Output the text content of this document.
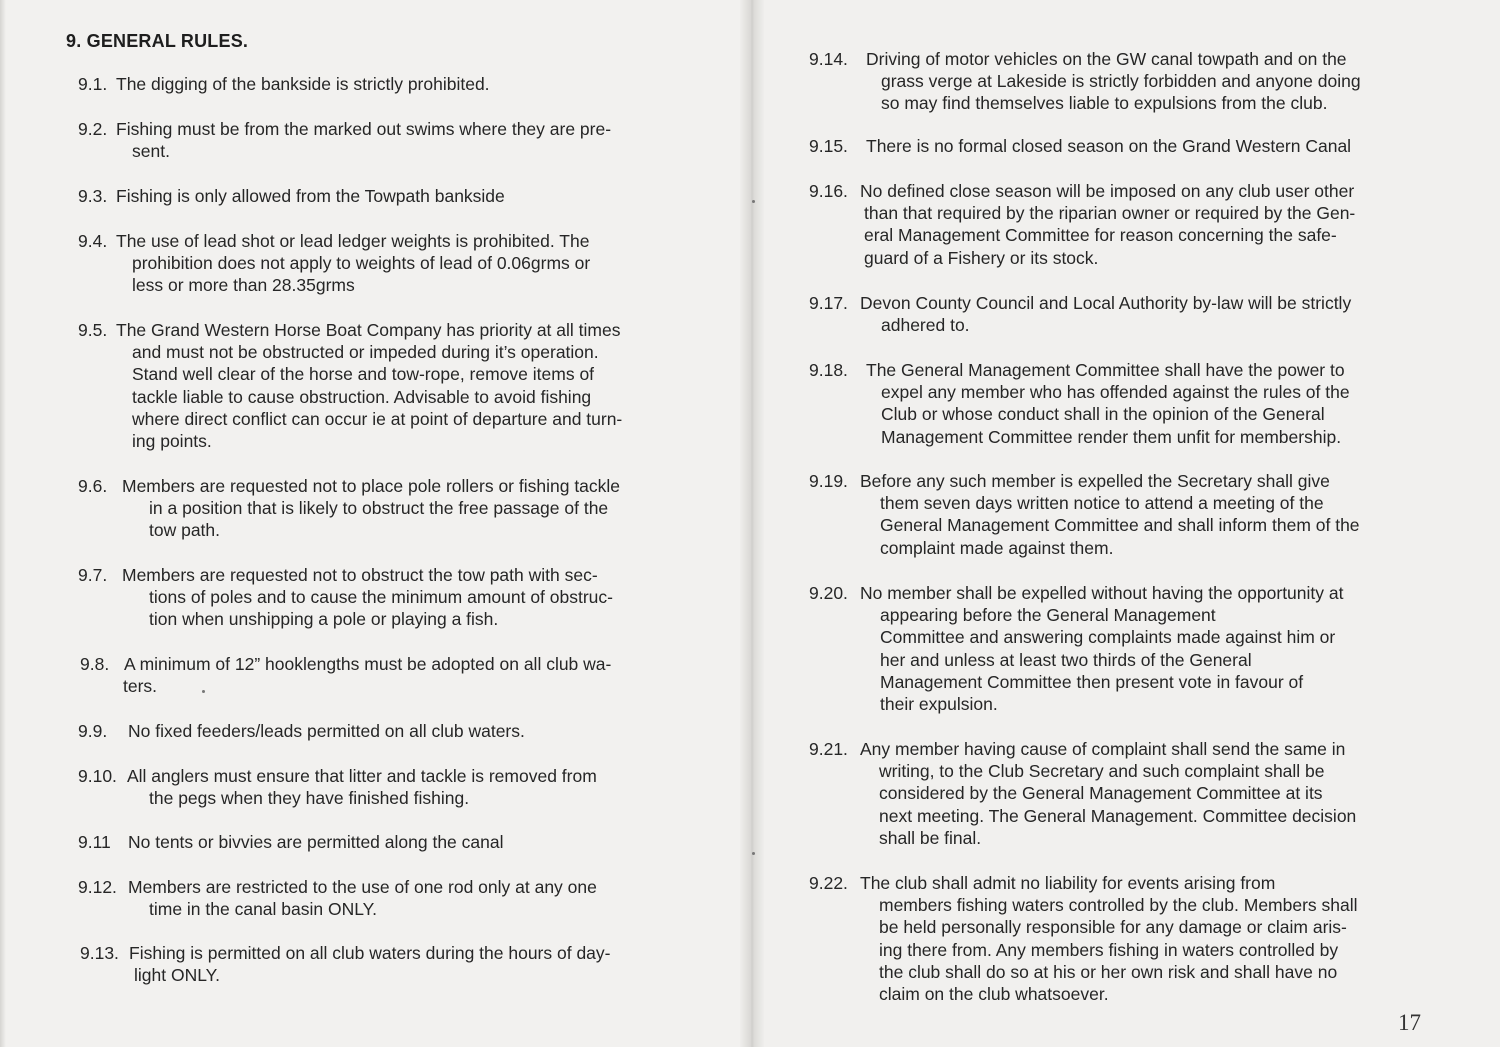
9. GENERAL RULES.
9.1. The digging of the bankside is strictly prohibited.
9.2. Fishing must be from the marked out swims where they are pre-
sent.
9.3. Fishing is only allowed from the Towpath bankside
9.4. The use of lead shot or lead ledger weights is prohibited. The
prohibition does not apply to weights of lead of 0.06grms or
less or more than 28.35grms
9.5. The Grand Western Horse Boat Company has priority at all times
and must not be obstructed or impeded during it’s operation.
Stand well clear of the horse and tow-rope, remove items of
tackle liable to cause obstruction. Advisable to avoid fishing
where direct conflict can occur ie at point of departure and turn-
ing points.
9.6. Members are requested not to place pole rollers or fishing tackle
in a position that is likely to obstruct the free passage of the
tow path.
9.7. Members are requested not to obstruct the tow path with sec-
tions of poles and to cause the minimum amount of obstruc-
tion when unshipping a pole or playing a fish.
9.8. A minimum of 12” hooklengths must be adopted on all club wa-
ters.
9.9. No fixed feeders/leads permitted on all club waters.
9.10. All anglers must ensure that litter and tackle is removed from
the pegs when they have finished fishing.
9.11 No tents or bivvies are permitted along the canal
9.12. Members are restricted to the use of one rod only at any one
time in the canal basin ONLY.
9.13. Fishing is permitted on all club waters during the hours of day-
light ONLY.
9.14. Driving of motor vehicles on the GW canal towpath and on the
grass verge at Lakeside is strictly forbidden and anyone doing
so may find themselves liable to expulsions from the club.
9.15. There is no formal closed season on the Grand Western Canal
9.16. No defined close season will be imposed on any club user other
than that required by the riparian owner or required by the Gen-
eral Management Committee for reason concerning the safe-
guard of a Fishery or its stock.
9.17. Devon County Council and Local Authority by-law will be strictly
adhered to.
9.18. The General Management Committee shall have the power to
expel any member who has offended against the rules of the
Club or whose conduct shall in the opinion of the General
Management Committee render them unfit for membership.
9.19. Before any such member is expelled the Secretary shall give
them seven days written notice to attend a meeting of the
General Management Committee and shall inform them of the
complaint made against them.
9.20. No member shall be expelled without having the opportunity at
appearing before the General Management
Committee and answering complaints made against him or
her and unless at least two thirds of the General
Management Committee then present vote in favour of
their expulsion.
9.21. Any member having cause of complaint shall send the same in
writing, to the Club Secretary and such complaint shall be
considered by the General Management Committee at its
next meeting. The General Management. Committee decision
shall be final.
9.22. The club shall admit no liability for events arising from
members fishing waters controlled by the club. Members shall
be held personally responsible for any damage or claim aris-
ing there from. Any members fishing in waters controlled by
the club shall do so at his or her own risk and shall have no
claim on the club whatsoever.
17
